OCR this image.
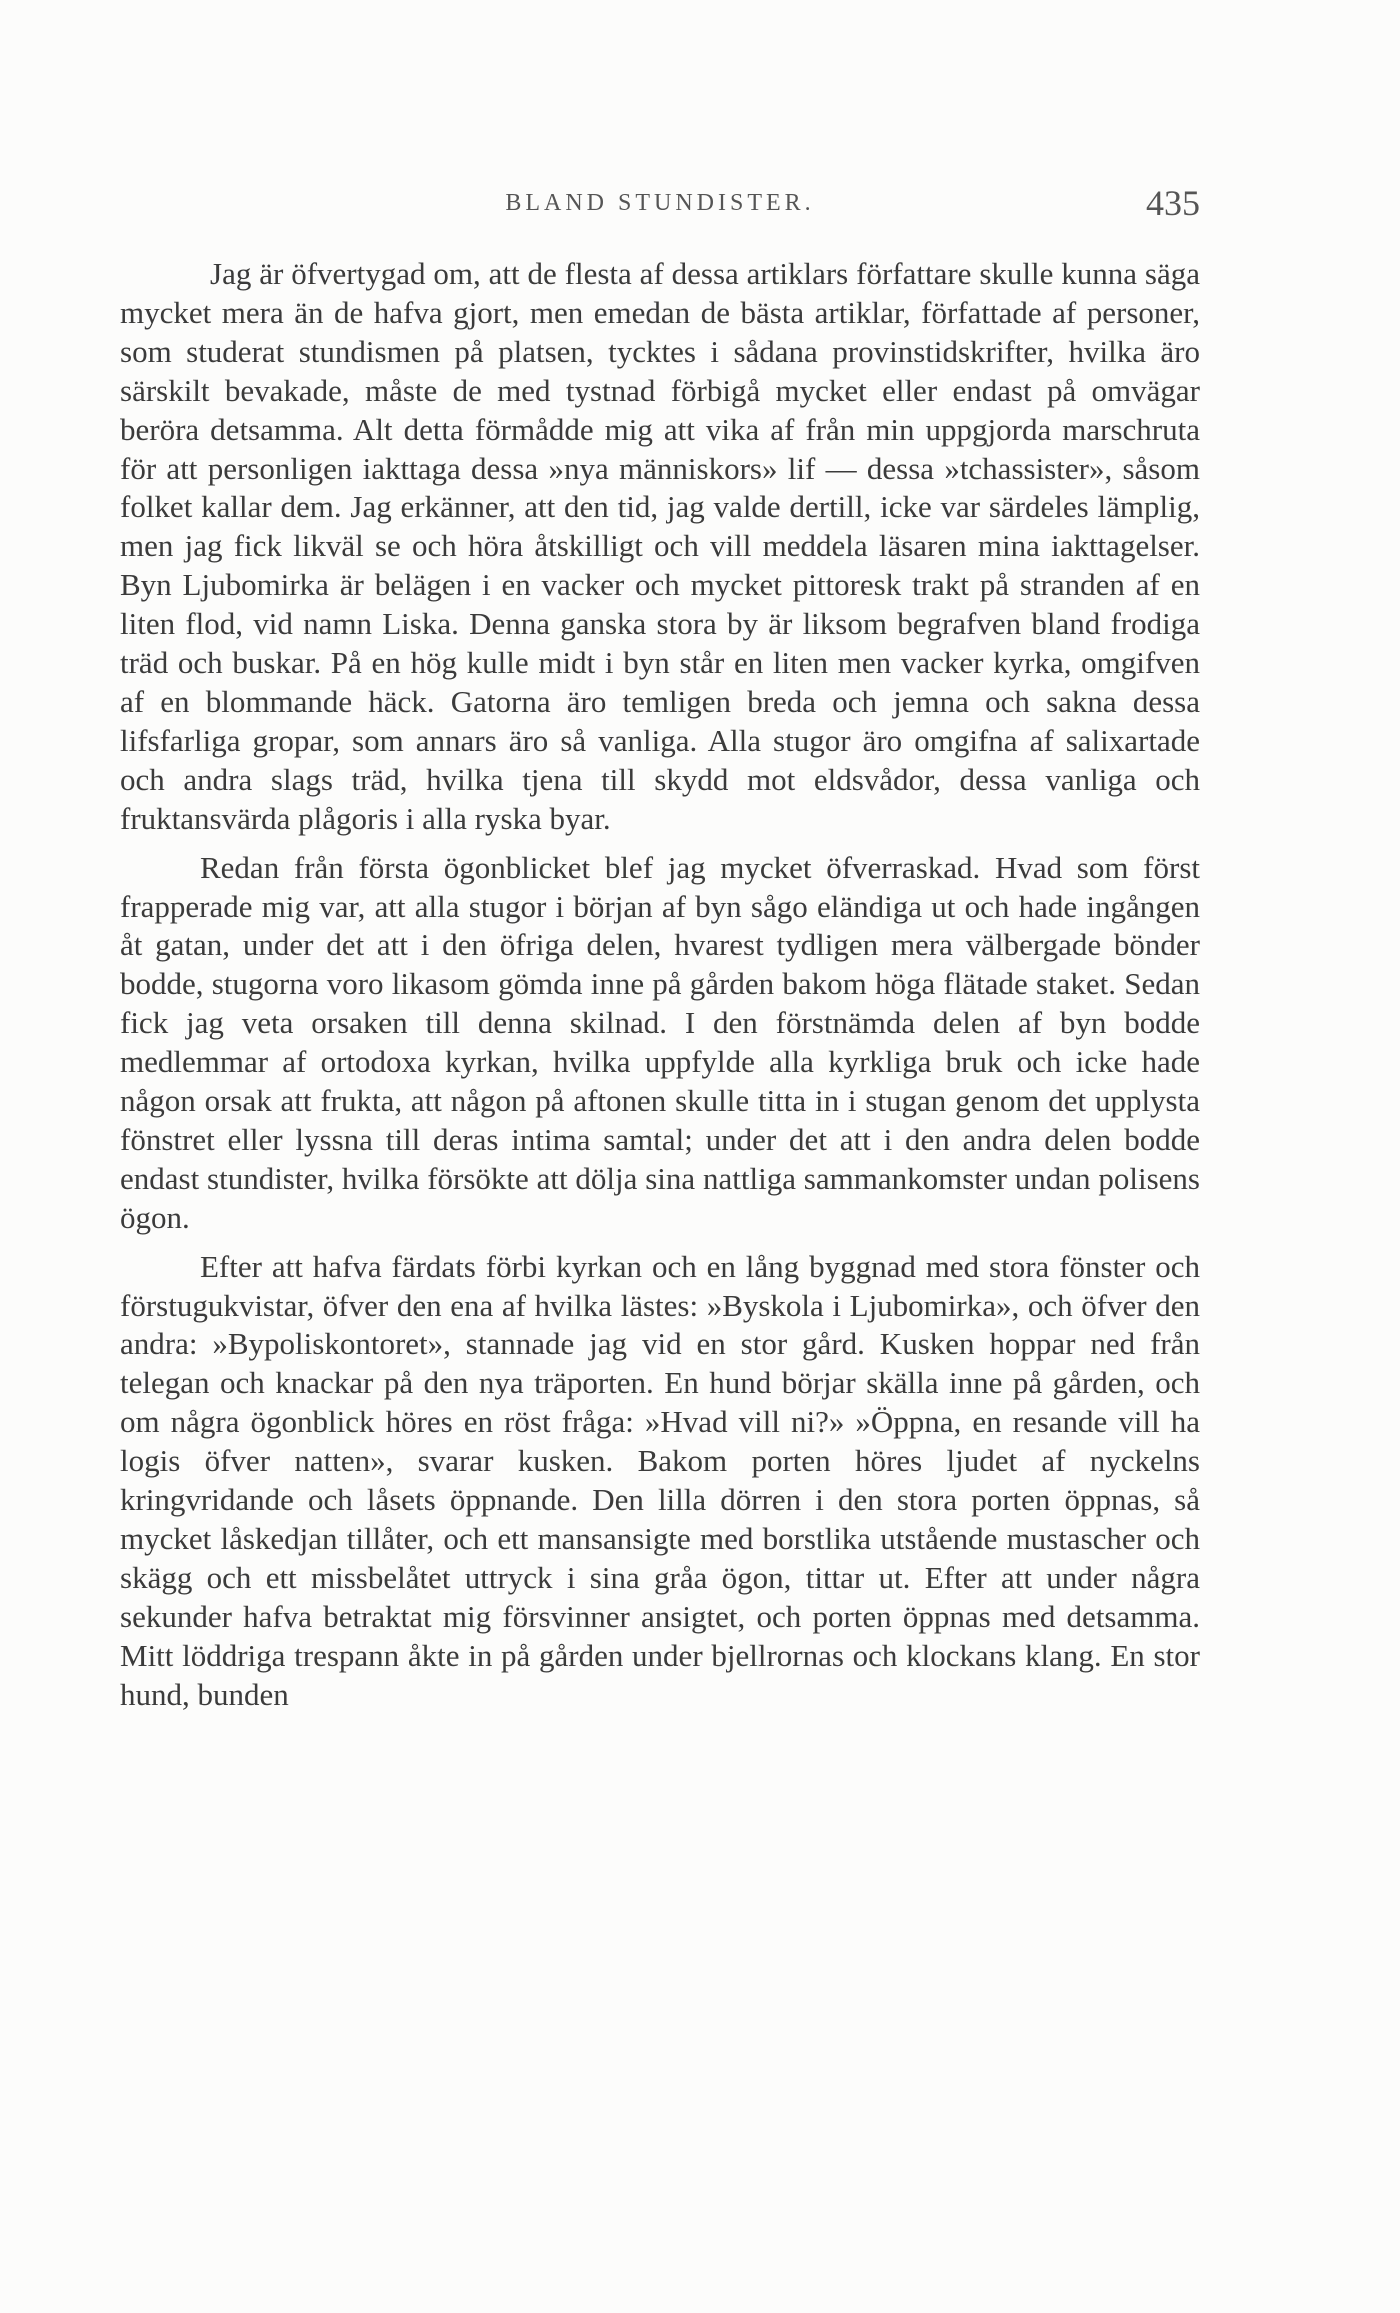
BLAND STUNDISTER.	435

Jag är öfvertygad om, att de flesta af dessa artiklars författare skulle kunna säga mycket mera än de hafva gjort, men emedan de bästa artiklar, författade af personer, som studerat stundismen på platsen, tycktes i sådana provinstidskrifter, hvilka äro särskilt bevakade, måste de med tystnad förbigå mycket eller endast på omvägar beröra detsamma. Alt detta förmådde mig att vika af från min uppgjorda marschruta för att personligen iakttaga dessa »nya människors» lif — dessa »tchassister», såsom folket kallar dem. Jag erkänner, att den tid, jag valde dertill, icke var särdeles lämplig, men jag fick likväl se och höra åtskilligt och vill meddela läsaren mina iakttagelser. Byn Ljubomirka är belägen i en vacker och mycket pittoresk trakt på stranden af en liten flod, vid namn Liska. Denna ganska stora by är liksom begrafven bland frodiga träd och buskar. På en hög kulle midt i byn står en liten men vacker kyrka, omgifven af en blommande häck. Gatorna äro temligen breda och jemna och sakna dessa lifsfarliga gropar, som annars äro så vanliga. Alla stugor äro omgifna af salixartade och andra slags träd, hvilka tjena till skydd mot eldsvådor, dessa vanliga och fruktansvärda plågoris i alla ryska byar.

Redan från första ögonblicket blef jag mycket öfverraskad. Hvad som först frapperade mig var, att alla stugor i början af byn sågo eländiga ut och hade ingången åt gatan, under det att i den öfriga delen, hvarest tydligen mera välbergade bönder bodde, stugorna voro likasom gömda inne på gården bakom höga flätade staket. Sedan fick jag veta orsaken till denna skilnad. I den förstnämda delen af byn bodde medlemmar af ortodoxa kyrkan, hvilka uppfylde alla kyrkliga bruk och icke hade någon orsak att frukta, att någon på aftonen skulle titta in i stugan genom det upplysta fönstret eller lyssna till deras intima samtal; under det att i den andra delen bodde endast stundister, hvilka försökte att dölja sina nattliga sammankomster undan polisens ögon.

Efter att hafva färdats förbi kyrkan och en lång byggnad med stora fönster och förstugukvistar, öfver den ena af hvilka lästes: »Byskola i Ljubomirka», och öfver den andra: »Bypoliskontoret», stannade jag vid en stor gård. Kusken hoppar ned från telegan och knackar på den nya träporten. En hund börjar skälla inne på gården, och om några ögonblick höres en röst fråga: »Hvad vill ni?» »Öppna, en resande vill ha logis öfver natten», svarar kusken. Bakom porten höres ljudet af nyckelns kringvridande och låsets öppnande. Den lilla dörren i den stora porten öppnas, så mycket låskedjan tillåter, och ett mansansigte med borstlika utstående mustascher och skägg och ett missbelåtet uttryck i sina gråa ögon, tittar ut. Efter att under några sekunder hafva betraktat mig försvinner ansigtet, och porten öppnas med detsamma. Mitt löddriga trespann åkte in på gården under bjellrornas och klockans klang. En stor hund, bunden
